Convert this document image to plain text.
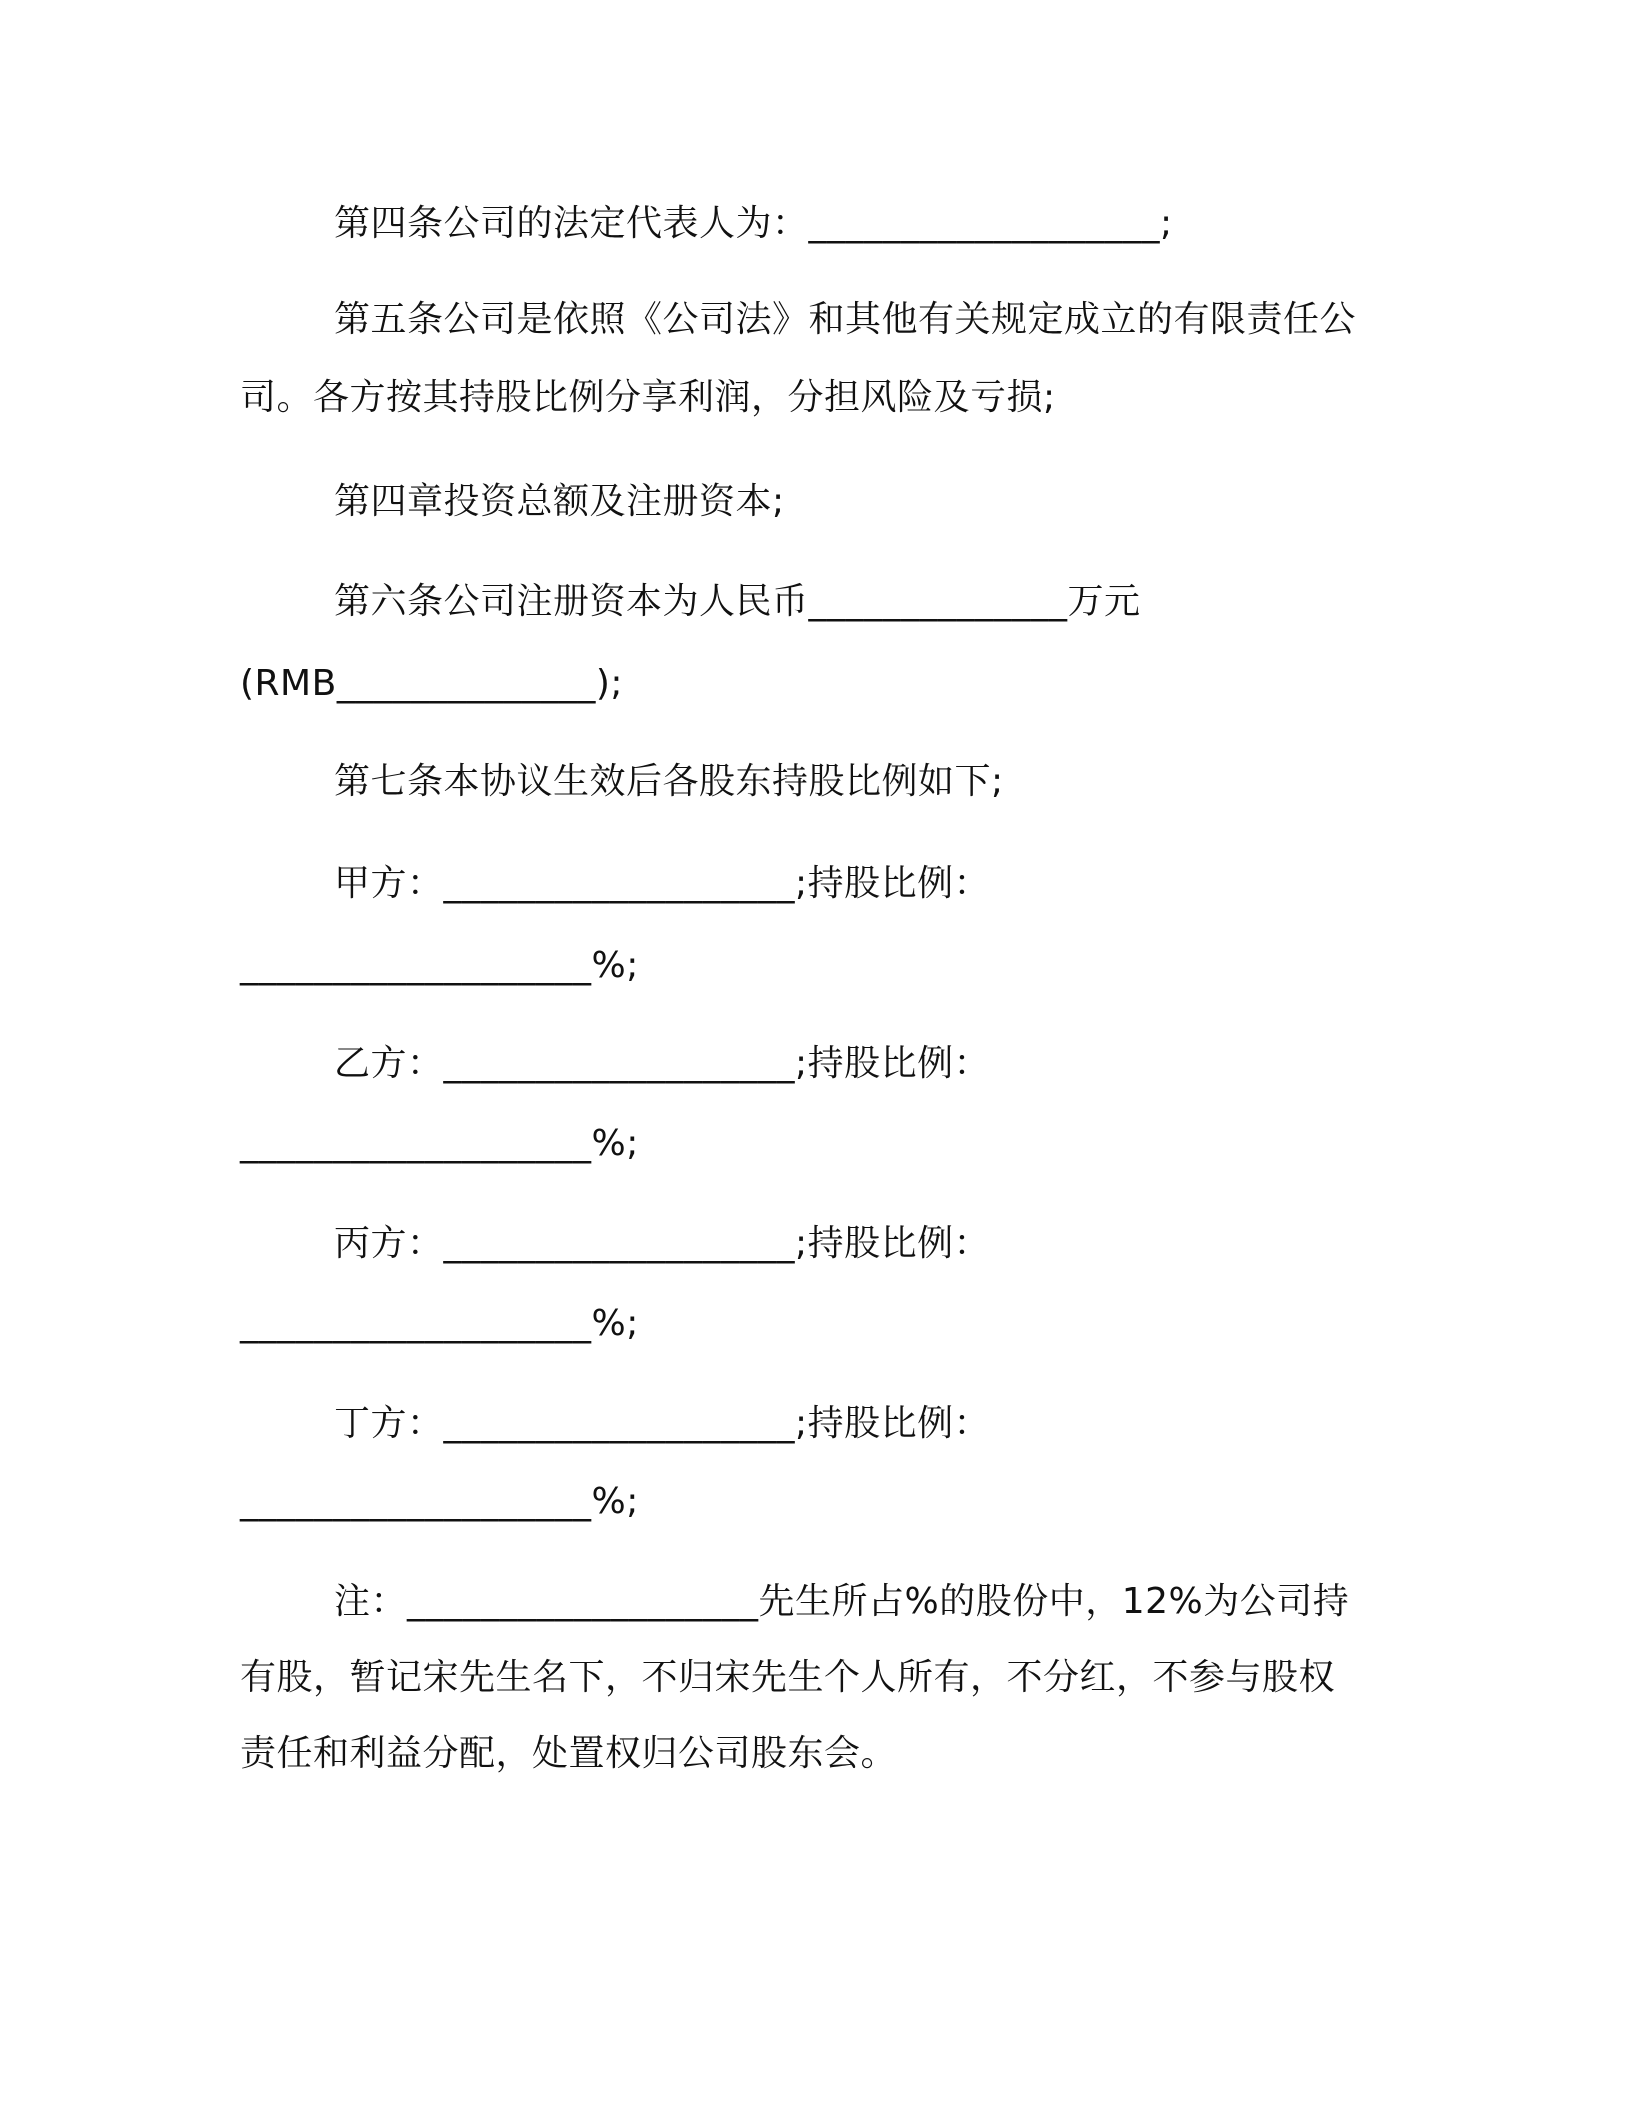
第四条公司的法定代表人为：___________________;
第五条公司是依照《公司法》和其他有关规定成立的有限责任公
司。各方按其持股比例分享利润，分担风险及亏损;
第四章投资总额及注册资本;
第六条公司注册资本为人民币______________万元
(RMB______________);
第七条本协议生效后各股东持股比例如下;
甲方：___________________;持股比例：
___________________%;
乙方：___________________;持股比例：
___________________%;
丙方：___________________;持股比例：
___________________%;
丁方：___________________;持股比例：
___________________%;
注：___________________先生所占%的股份中，12%为公司持
有股，暂记宋先生名下，不归宋先生个人所有，不分红，不参与股权
责任和利益分配，处置权归公司股东会。
